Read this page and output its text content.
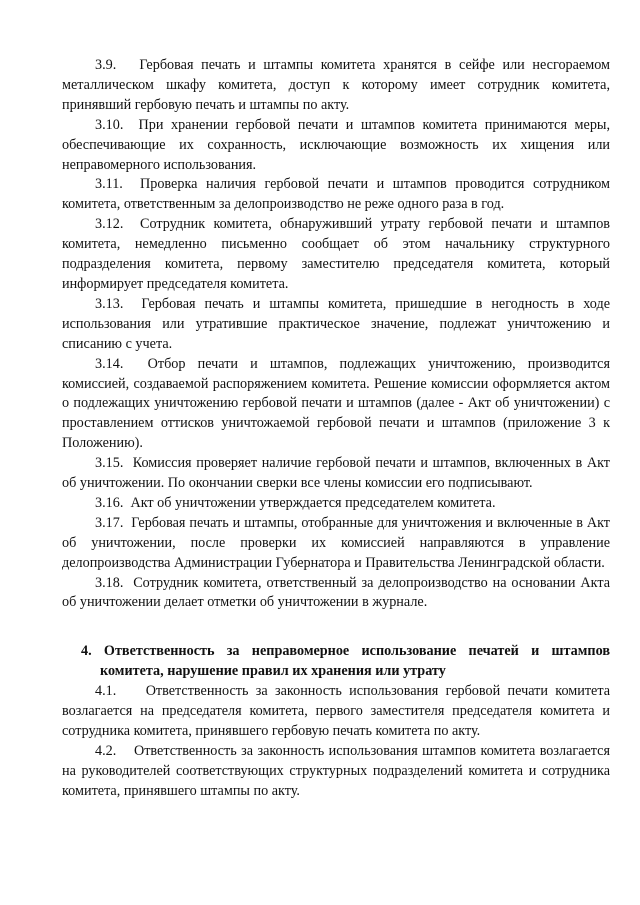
3.9. Гербовая печать и штампы комитета хранятся в сейфе или несгораемом металлическом шкафу комитета, доступ к которому имеет сотрудник комитета, принявший гербовую печать и штампы по акту.

3.10. При хранении гербовой печати и штампов комитета принимаются меры, обеспечивающие их сохранность, исключающие возможность их хищения или неправомерного использования.

3.11. Проверка наличия гербовой печати и штампов проводится сотрудником комитета, ответственным за делопроизводство не реже одного раза в год.

3.12. Сотрудник комитета, обнаруживший утрату гербовой печати и штампов комитета, немедленно письменно сообщает об этом начальнику структурного подразделения комитета, первому заместителю председателя комитета, который информирует председателя комитета.

3.13. Гербовая печать и штампы комитета, пришедшие в негодность в ходе использования или утратившие практическое значение, подлежат уничтожению и списанию с учета.

3.14. Отбор печати и штампов, подлежащих уничтожению, производится комиссией, создаваемой распоряжением комитета. Решение комиссии оформляется актом о подлежащих уничтожению гербовой печати и штампов (далее - Акт об уничтожении) с проставлением оттисков уничтожаемой гербовой печати и штампов (приложение 3 к Положению).

3.15. Комиссия проверяет наличие гербовой печати и штампов, включенных в Акт об уничтожении. По окончании сверки все члены комиссии его подписывают.

3.16. Акт об уничтожении утверждается председателем комитета.

3.17. Гербовая печать и штампы, отобранные для уничтожения и включенные в Акт об уничтожении, после проверки их комиссией направляются в управление делопроизводства Администрации Губернатора и Правительства Ленинградской области.

3.18. Сотрудник комитета, ответственный за делопроизводство на основании Акта об уничтожении делает отметки об уничтожении в журнале.

4. Ответственность за неправомерное использование печатей и штампов комитета, нарушение правил их хранения или утрату

4.1. Ответственность за законность использования гербовой печати комитета возлагается на председателя комитета, первого заместителя председателя комитета и сотрудника комитета, принявшего гербовую печать комитета по акту.

4.2. Ответственность за законность использования штампов комитета возлагается на руководителей соответствующих структурных подразделений комитета и сотрудника комитета, принявшего штампы по акту.
